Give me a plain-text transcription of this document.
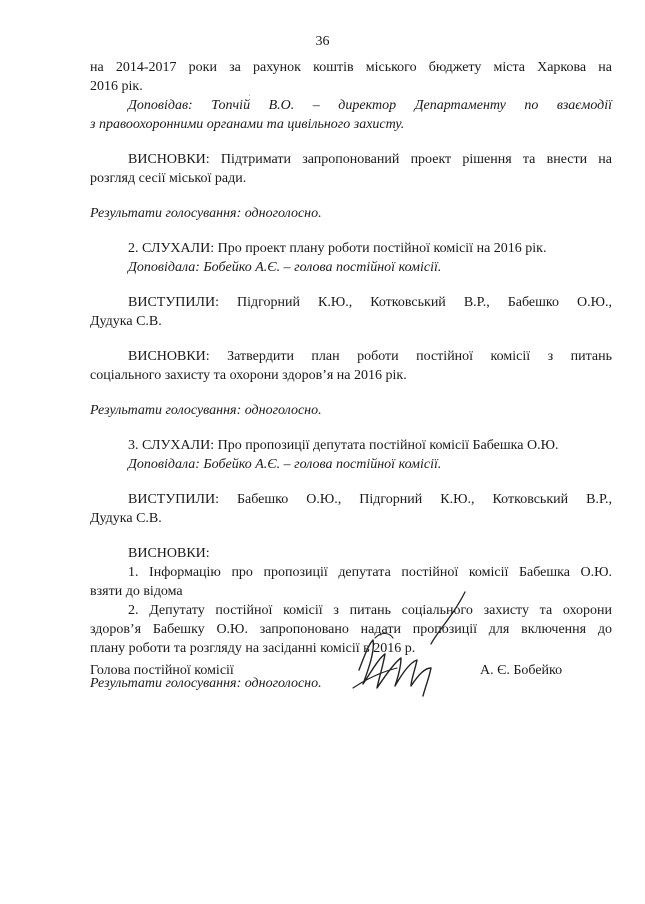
36
ˌ

на 2014-2017 роки за рахунок коштів міського бюджету міста Харкова на

2016 рік.

Доповідав: Топчій В.О. – директор Департаменту по взаємодії

з правоохоронними органами та цивільного захисту.

ВИСНОВКИ: Підтримати запропонований проект рішення та внести на

розгляд сесії міської ради.

Результати голосування: одноголосно.

2. СЛУХАЛИ: Про проект плану роботи постійної комісії на 2016 рік.

Доповідала: Бобейко А.Є. – голова постійної комісії.

ВИСТУПИЛИ: Підгорний К.Ю., Котковський В.Р., Бабешко О.Ю.,

Дудука С.В.

ВИСНОВКИ: Затвердити план роботи постійної комісії з питань

соціального захисту та охорони здоров’я на 2016 рік.

Результати голосування: одноголосно.

3. СЛУХАЛИ: Про пропозиції депутата постійної комісії Бабешка О.Ю.

Доповідала: Бобейко А.Є. – голова постійної комісії.

ВИСТУПИЛИ: Бабешко О.Ю., Підгорний К.Ю., Котковський В.Р.,

Дудука С.В.

ВИСНОВКИ:

1. Інформацію про пропозиції депутата постійної комісії Бабешка О.Ю.

взяти до відома

2. Депутату постійної комісії з питань соціального захисту та охорони

здоров’я Бабешку О.Ю. запропоновано надати пропозиції для включення до

плану роботи та розгляду на засіданні комісії в 2016 р.

Результати голосування: одноголосно.

Голова постійної комісії	А. Є. Бобейко
